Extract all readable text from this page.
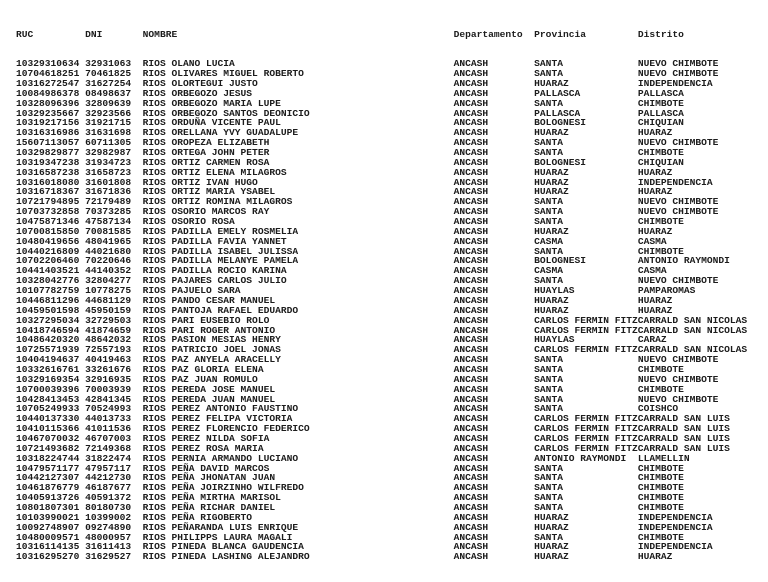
RUC         DNI       NOMBRE                                                Departamento  Provincia         Distrito

10329310634 32931063  RIOS OLANO LUCIA                                      ANCASH        SANTA             NUEVO CHIMBOTE
10704618251 70461825  RIOS OLIVARES MIGUEL ROBERTO                          ANCASH        SANTA             NUEVO CHIMBOTE
10316272547 31627254  RIOS OLORTEGUI JUSTO                                  ANCASH        HUARAZ            INDEPENDENCIA
10084986378 08498637  RIOS ORBEGOZO JESUS                                   ANCASH        PALLASCA          PALLASCA
10328096396 32809639  RIOS ORBEGOZO MARIA LUPE                              ANCASH        SANTA             CHIMBOTE
10329235667 32923566  RIOS ORBEGOZO SANTOS DEONICIO                         ANCASH        PALLASCA          PALLASCA
10319217156 31921715  RIOS ORDUÑA VICENTE PAUL                              ANCASH        BOLOGNESI         CHIQUIAN
10316316986 31631698  RIOS ORELLANA YVY GUADALUPE                           ANCASH        HUARAZ            HUARAZ
15607113057 60711305  RIOS OROPEZA ELIZABETH                                ANCASH        SANTA             NUEVO CHIMBOTE
10329829877 32982987  RIOS ORTEGA JOHN PETER                                ANCASH        SANTA             CHIMBOTE
10319347238 31934723  RIOS ORTIZ CARMEN ROSA                                ANCASH        BOLOGNESI         CHIQUIAN
10316587238 31658723  RIOS ORTIZ ELENA MILAGROS                             ANCASH        HUARAZ            HUARAZ
10316018080 31601808  RIOS ORTIZ IVAN HUGO                                  ANCASH        HUARAZ            INDEPENDENCIA
10316718367 31671836  RIOS ORTIZ MARIA YSABEL                               ANCASH        HUARAZ            HUARAZ
10721794895 72179489  RIOS ORTIZ ROMINA MILAGROS                            ANCASH        SANTA             NUEVO CHIMBOTE
10703732858 70373285  RIOS OSORIO MARCOS RAY                                ANCASH        SANTA             NUEVO CHIMBOTE
10475871346 47587134  RIOS OSORIO ROSA                                      ANCASH        SANTA             CHIMBOTE
10700815850 70081585  RIOS PADILLA EMELY ROSMELIA                           ANCASH        HUARAZ            HUARAZ
10480419656 48041965  RIOS PADILLA FAVIA YANNET                             ANCASH        CASMA             CASMA
10440216809 44021680  RIOS PADILLA ISABEL JULISSA                           ANCASH        SANTA             CHIMBOTE
10702206460 70220646  RIOS PADILLA MELANYE PAMELA                           ANCASH        BOLOGNESI         ANTONIO RAYMONDI
10441403521 44140352  RIOS PADILLA ROCIO KARINA                             ANCASH        CASMA             CASMA
10328042776 32804277  RIOS PAJARES CARLOS JULIO                             ANCASH        SANTA             NUEVO CHIMBOTE
10107782759 10778275  RIOS PAJUELO SARA                                     ANCASH        HUAYLAS           PAMPAROMAS
10446811296 44681129  RIOS PANDO CESAR MANUEL                               ANCASH        HUARAZ            HUARAZ
10459501598 45950159  RIOS PANTOJA RAFAEL EDUARDO                           ANCASH        HUARAZ            HUARAZ
10327295034 32729503  RIOS PARI EUSEBIO ROLO                                ANCASH        CARLOS FERMIN FITZCARRALD SAN NICOLAS
10418746594 41874659  RIOS PARI ROGER ANTONIO                               ANCASH        CARLOS FERMIN FITZCARRALD SAN NICOLAS
10486420320 48642032  RIOS PASION MESIAS HENRY                              ANCASH        HUAYLAS           CARAZ
10725571939 72557193  RIOS PATRICIO JOEL JONAS                              ANCASH        CARLOS FERMIN FITZCARRALD SAN NICOLAS
10404194637 40419463  RIOS PAZ ANYELA ARACELLY                              ANCASH        SANTA             NUEVO CHIMBOTE
10332616761 33261676  RIOS PAZ GLORIA ELENA                                 ANCASH        SANTA             CHIMBOTE
10329169354 32916935  RIOS PAZ JUAN ROMULO                                  ANCASH        SANTA             NUEVO CHIMBOTE
10700039396 70003939  RIOS PEREDA JOSE MANUEL                               ANCASH        SANTA             CHIMBOTE
10428413453 42841345  RIOS PEREDA JUAN MANUEL                               ANCASH        SANTA             NUEVO CHIMBOTE
10705249933 70524993  RIOS PEREZ ANTONIO FAUSTINO                           ANCASH        SANTA             COISHCO
10440137330 44013733  RIOS PEREZ FELIPA VICTORIA                            ANCASH        CARLOS FERMIN FITZCARRALD SAN LUIS
10410115366 41011536  RIOS PEREZ FLORENCIO FEDERICO                         ANCASH        CARLOS FERMIN FITZCARRALD SAN LUIS
10467070032 46707003  RIOS PEREZ NILDA SOFIA                                ANCASH        CARLOS FERMIN FITZCARRALD SAN LUIS
10721493682 72149368  RIOS PEREZ ROSA MARIA                                 ANCASH        CARLOS FERMIN FITZCARRALD SAN LUIS
10318224744 31822474  RIOS PERNIA ARMANDO LUCIANO                           ANCASH        ANTONIO RAYMONDI  LLAMELLIN
10479571177 47957117  RIOS PEÑA DAVID MARCOS                                ANCASH        SANTA             CHIMBOTE
10442127307 44212730  RIOS PEÑA JHONATAN JUAN                               ANCASH        SANTA             CHIMBOTE
10461876779 46187677  RIOS PEÑA JOIRZINHO WILFREDO                          ANCASH        SANTA             CHIMBOTE
10405913726 40591372  RIOS PEÑA MIRTHA MARISOL                              ANCASH        SANTA             CHIMBOTE
10801807301 80180730  RIOS PEÑA RICHAR DANIEL                               ANCASH        SANTA             CHIMBOTE
10103990021 10399002  RIOS PEÑA RIGOBERTO                                   ANCASH        HUARAZ            INDEPENDENCIA
10092748907 09274890  RIOS PEÑARANDA LUIS ENRIQUE                           ANCASH        HUARAZ            INDEPENDENCIA
10480009571 48000957  RIOS PHILIPPS LAURA MAGALI                            ANCASH        SANTA             CHIMBOTE
10316114135 31611413  RIOS PINEDA BLANCA GAUDENCIA                          ANCASH        HUARAZ            INDEPENDENCIA
10316295270 31629527  RIOS PINEDA LASHING ALEJANDRO                         ANCASH        HUARAZ            HUARAZ
